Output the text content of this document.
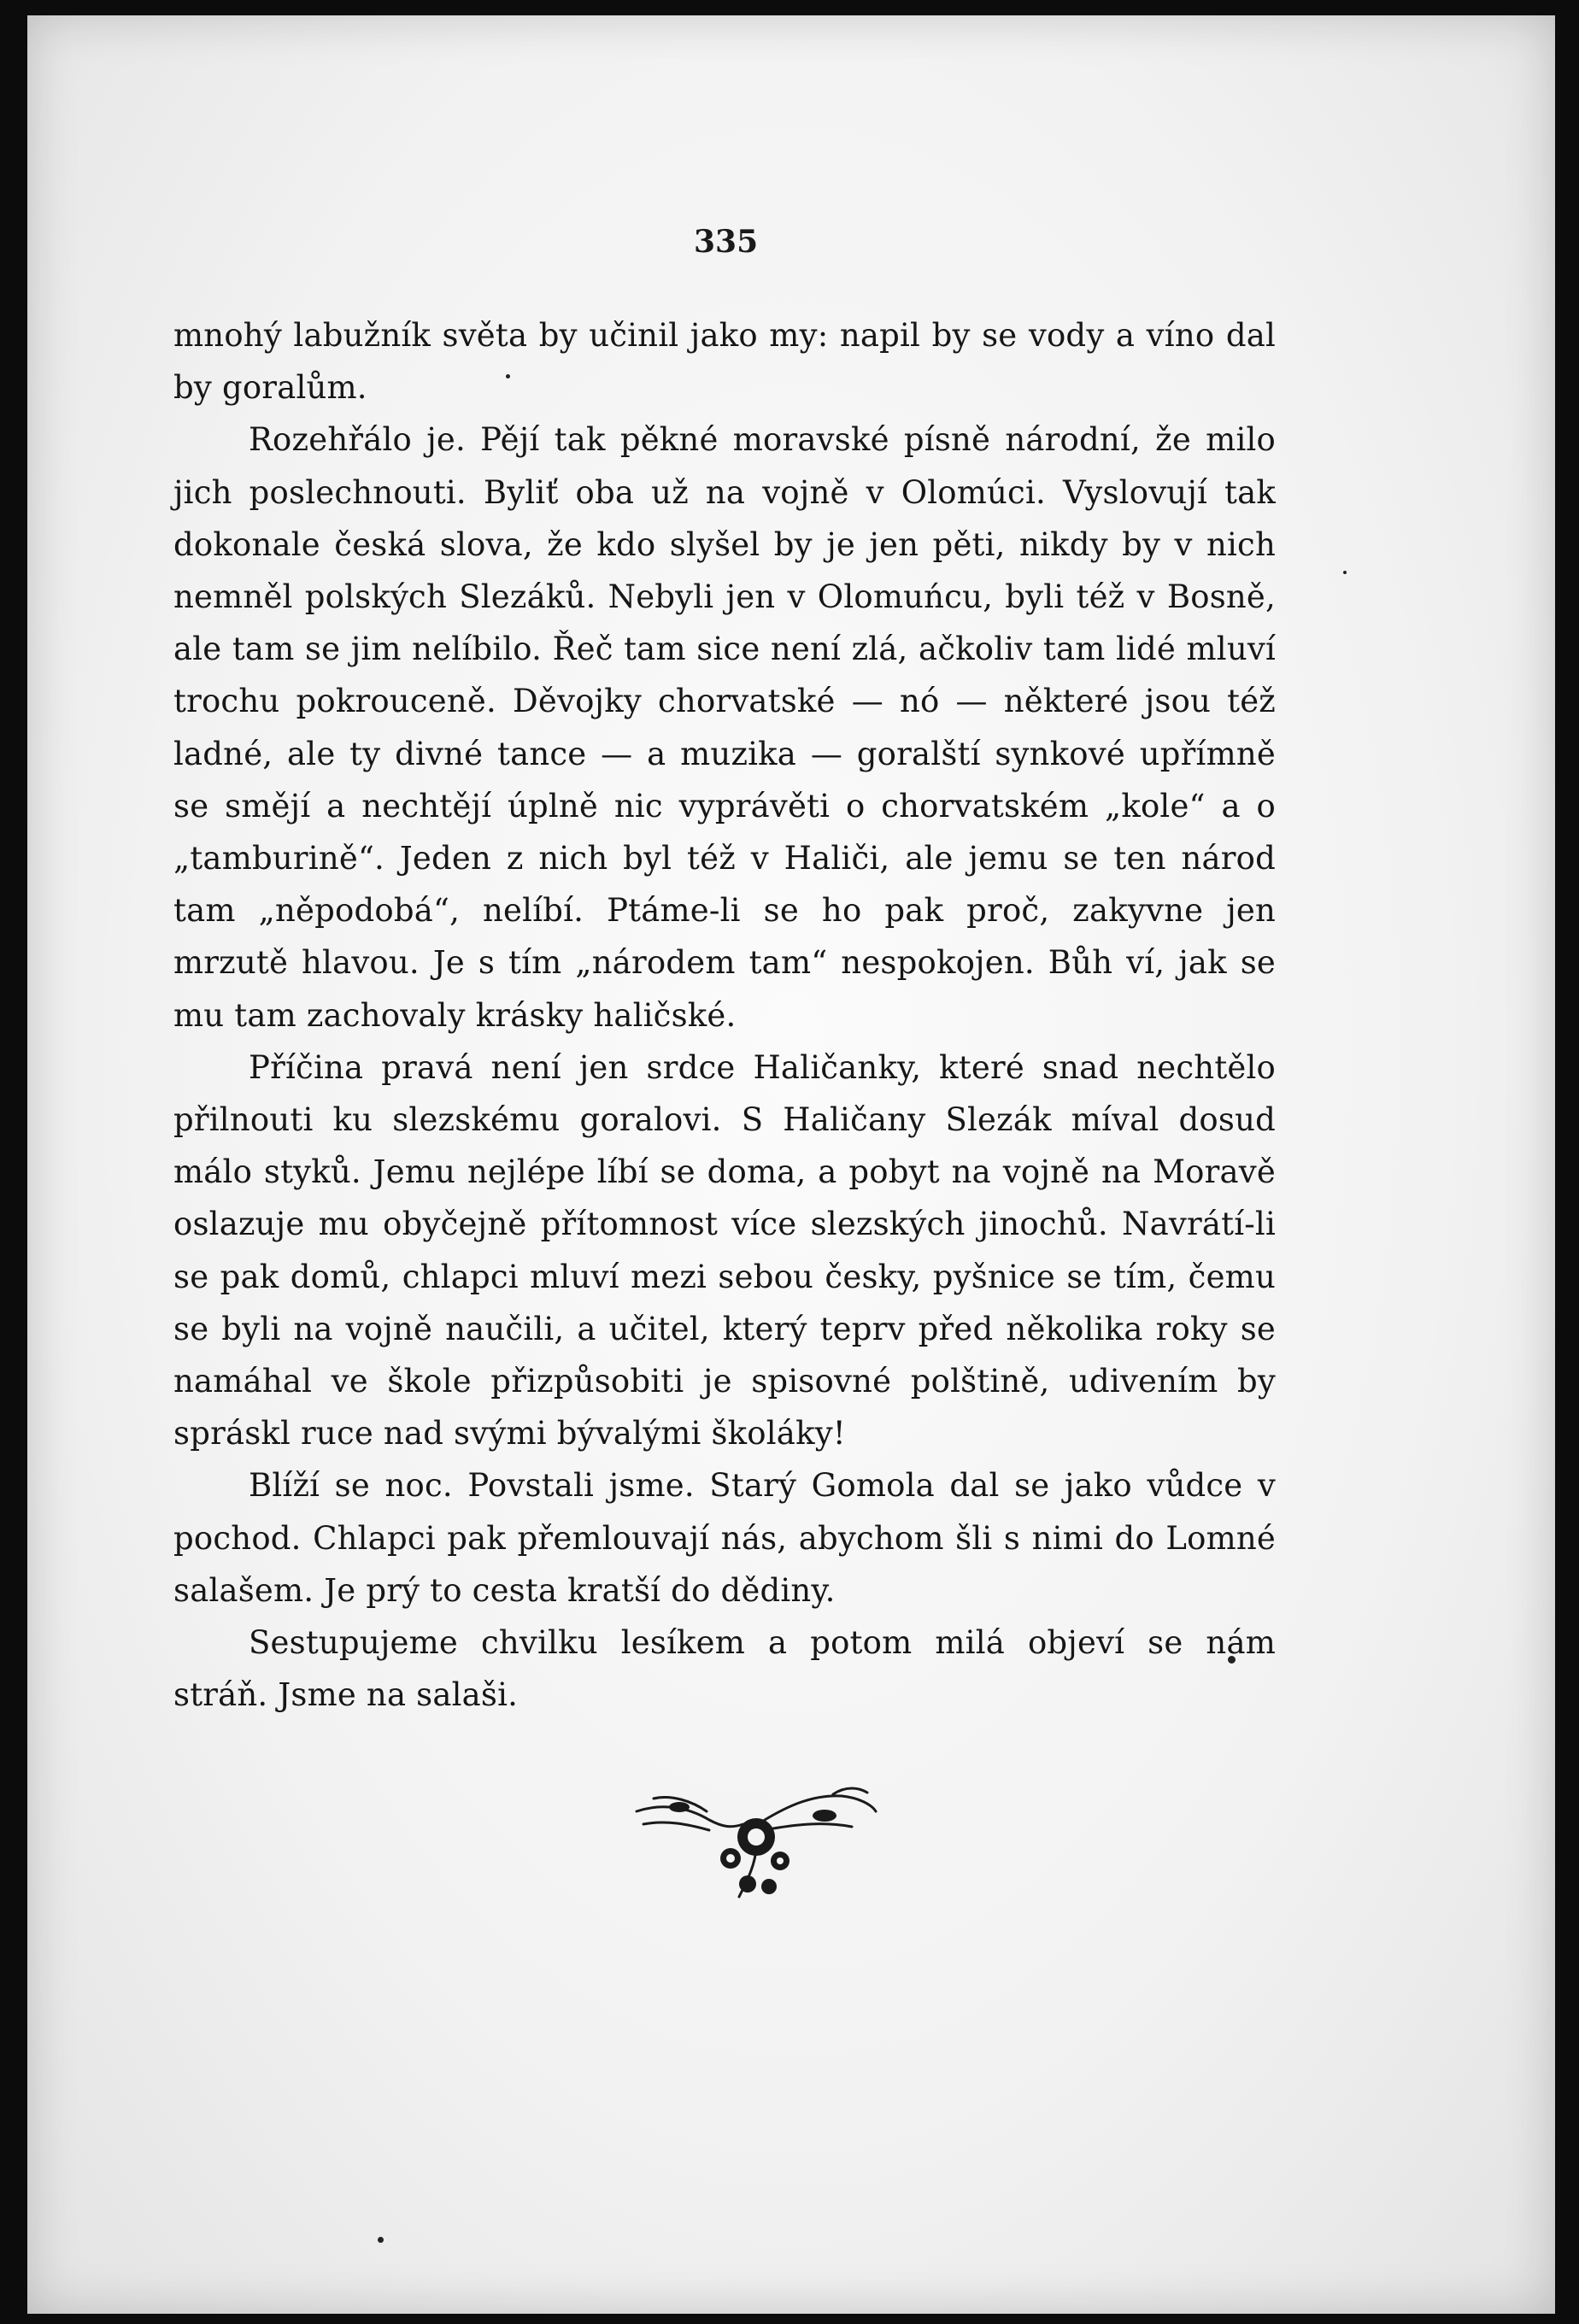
335

mnohý labužník světa by učinil jako my: napil by se vody a víno dal by goralům.

Rozehřálo je. Pějí tak pěkné moravské písně národní, že milo jich poslechnouti. Byliť oba už na vojně v Olomúci. Vyslovují tak dokonale česká slova, že kdo slyšel by je jen pěti, nikdy by v nich nemněl polských Slezáků. Nebyli jen v Olomuńcu, byli též v Bosně, ale tam se jim nelíbilo. Řeč tam sice není zlá, ačkoliv tam lidé mluví trochu pokrouceně. Děvojky chorvatské — nó — některé jsou též ladné, ale ty divné tance — a muzika — goralští synkové upřímně se smějí a nechtějí úplně nic vyprávěti o chorvatském „kole“ a o „tamburině“. Jeden z nich byl též v Haliči, ale jemu se ten národ tam „něpodobá“, nelíbí. Ptáme-li se ho pak proč, zakyvne jen mrzutě hlavou. Je s tím „národem tam“ nespokojen. Bůh ví, jak se mu tam zachovaly krásky haličské.

Příčina pravá není jen srdce Haličanky, které snad nechtělo přilnouti ku slezskému goralovi. S Haličany Slezák míval dosud málo styků. Jemu nejlépe líbí se doma, a pobyt na vojně na Moravě oslazuje mu obyčejně přítomnost více slezských jinochů. Navrátí-li se pak domů, chlapci mluví mezi sebou česky, pyšnice se tím, čemu se byli na vojně naučili, a učitel, který teprv před několika roky se namáhal ve škole přizpůsobiti je spisovné polštině, udivením by spráskl ruce nad svými bývalými školáky!

Blíží se noc. Povstali jsme. Starý Gomola dal se jako vůdce v pochod. Chlapci pak přemlouvají nás, abychom šli s nimi do Lomné salašem. Je prý to cesta kratší do dědiny.

Sestupujeme chvilku lesíkem a potom milá objeví se nám stráň. Jsme na salaši.
